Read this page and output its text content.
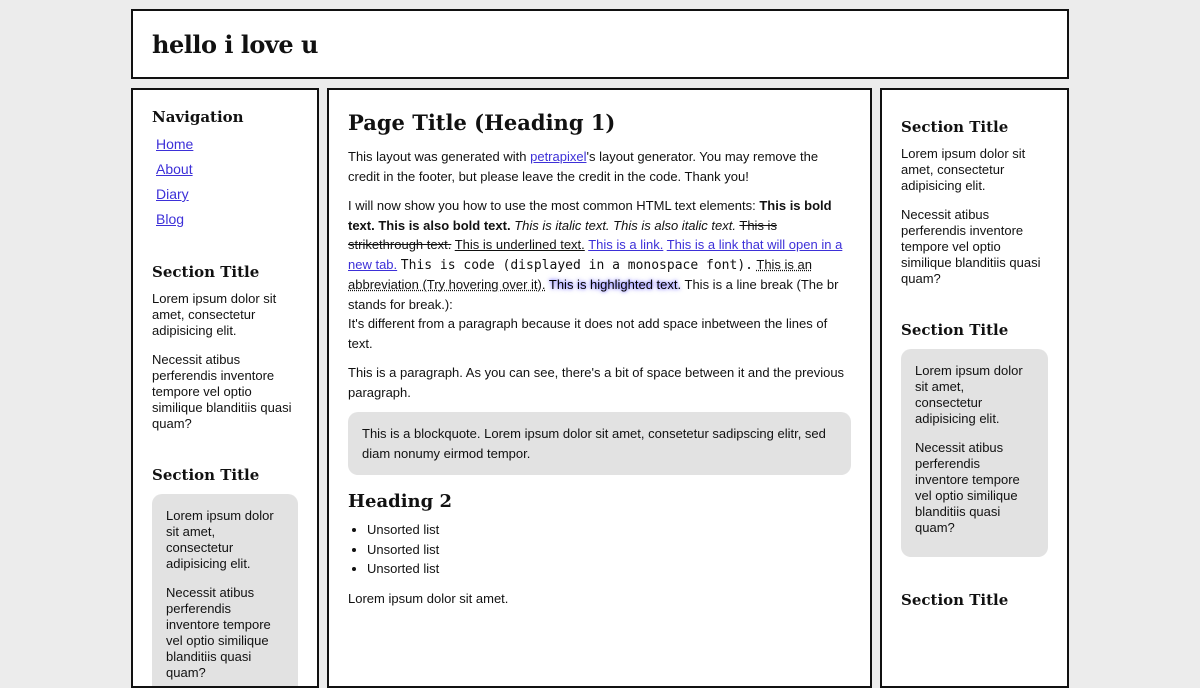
hello i love u
Navigation
Home
About
Diary
Blog
Section Title

Lorem ipsum dolor sit amet, consectetur adipisicing elit.

Necessit atibus perferendis inventore tempore vel optio similique blanditiis quasi quam?

Section Title

Lorem ipsum dolor sit amet, consectetur adipisicing elit.

Necessit atibus perferendis inventore tempore vel optio similique blanditiis quasi quam?

Page Title (Heading 1)

This layout was generated with petrapixel's layout generator. You may remove the credit in the footer, but please leave the credit in the code. Thank you!

I will now show you how to use the most common HTML text elements: This is bold text. This is also bold text. This is italic text. This is also italic text. This is strikethrough text. This is underlined text. This is a link. This is a link that will open in a new tab. This is code (displayed in a monospace font). This is an abbreviation (Try hovering over it). This is highlighted text. This is a line break (The br stands for break.):
It's different from a paragraph because it does not add space inbetween the lines of text.

This is a paragraph. As you can see, there's a bit of space between it and the previous paragraph.

This is a blockquote. Lorem ipsum dolor sit amet, consetetur sadipscing elitr, sed diam nonumy eirmod tempor.
Heading 2
• Unsorted list
• Unsorted list
• Unsorted list

Lorem ipsum dolor sit amet.

Section Title

Lorem ipsum dolor sit amet, consectetur adipisicing elit.

Necessit atibus perferendis inventore tempore vel optio similique blanditiis quasi quam?

Section Title

Lorem ipsum dolor sit amet, consectetur adipisicing elit.

Necessit atibus perferendis inventore tempore vel optio similique blanditiis quasi quam?

Section Title
